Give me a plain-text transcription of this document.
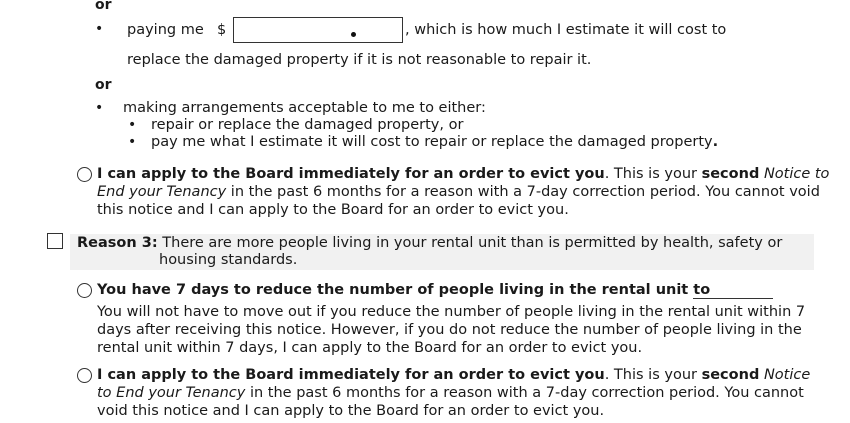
or
• paying me $	, which is how much I estimate it will cost to
replace the damaged property if it is not reasonable to repair it.
or
• making arrangements acceptable to me to either:
• repair or replace the damaged property, or
• pay me what I estimate it will cost to repair or replace the damaged property.
I can apply to the Board immediately for an order to evict you. This is your second Notice to
End your Tenancy in the past 6 months for a reason with a 7-day correction period. You cannot void
this notice and I can apply to the Board for an order to evict you.
Reason 3: There are more people living in your rental unit than is permitted by health, safety or
housing standards.
You have 7 days to reduce the number of people living in the rental unit to
You will not have to move out if you reduce the number of people living in the rental unit within 7
days after receiving this notice. However, if you do not reduce the number of people living in the
rental unit within 7 days, I can apply to the Board for an order to evict you.
I can apply to the Board immediately for an order to evict you. This is your second Notice
to End your Tenancy in the past 6 months for a reason with a 7-day correction period. You cannot
void this notice and I can apply to the Board for an order to evict you.
